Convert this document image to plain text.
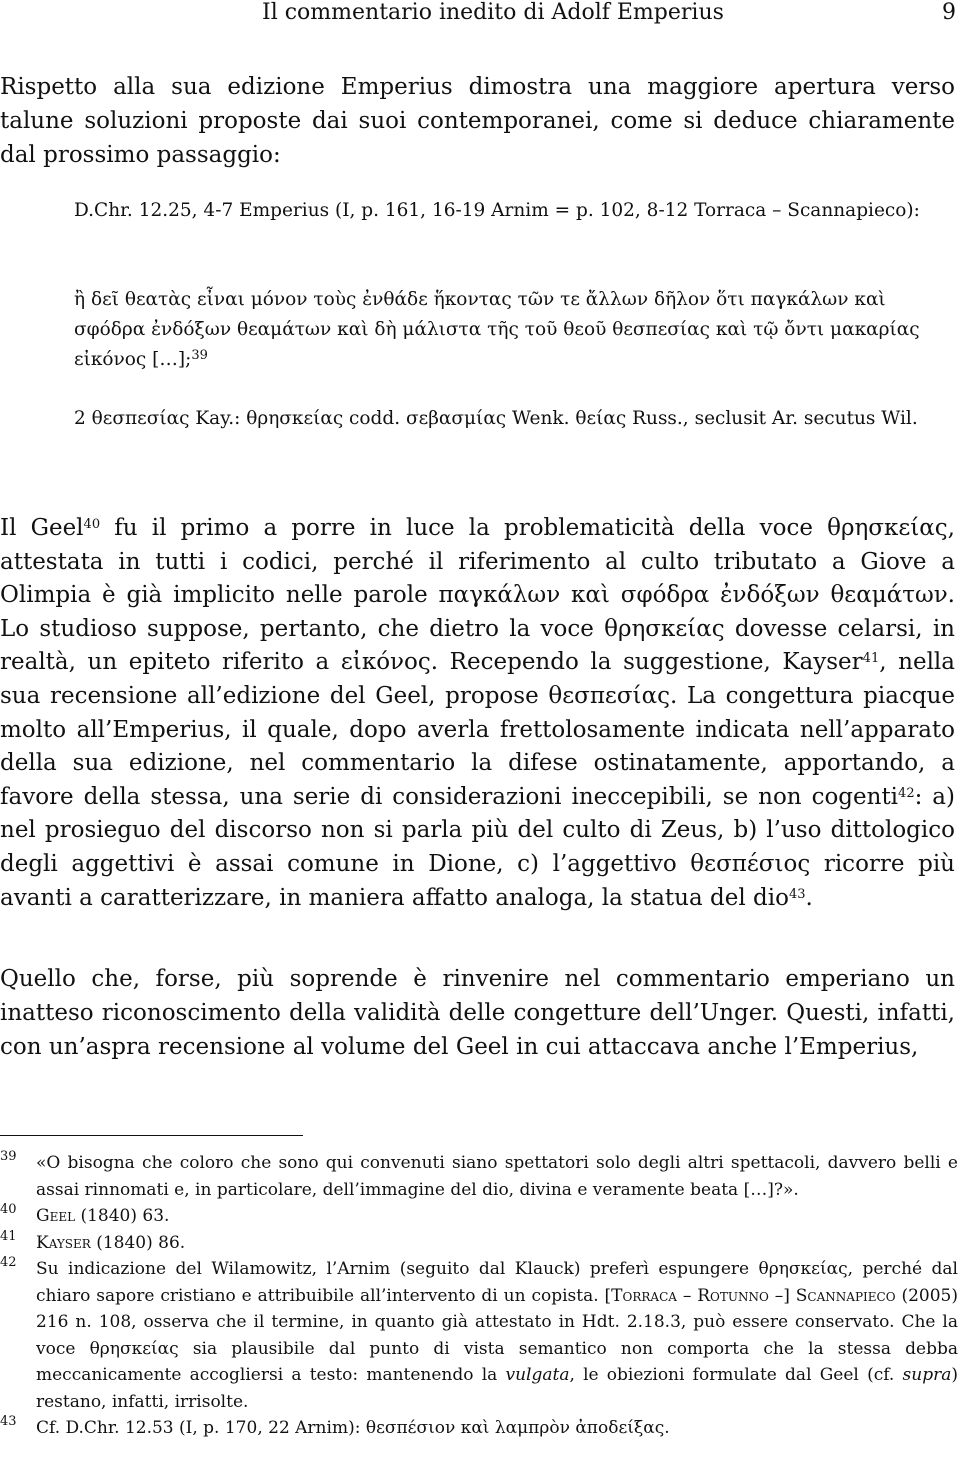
Il commentario inedito di Adolf Emperius	9

Rispetto alla sua edizione Emperius dimostra una maggiore apertura verso talune soluzioni proposte dai suoi contemporanei, come si deduce chiaramente dal prossimo passaggio:

D.Chr. 12.25, 4-7 Emperius (I, p. 161, 16-19 Arnim = p. 102, 8-12 Torraca – Scannapieco):

ἢ δεῖ θεατὰς εἶναι μόνον τοὺς ἐνθάδε ἥκοντας τῶν τε ἄλλων δῆλον ὅτι παγκάλων καὶ σφόδρα ἐνδόξων θεαμάτων καὶ δὴ μάλιστα τῆς τοῦ θεοῦ θεσπεσίας καὶ τῷ ὄντι μακαρίας εἰκόνος […];$^{39}$

2 θεσπεσίας Kay.: θρησκείας codd. σεβασμίας Wenk. θείας Russ., seclusit Ar. secutus Wil.

Il Geel$^{40}$ fu il primo a porre in luce la problematicità della voce θρησκείας, attestata in tutti i codici, perché il riferimento al culto tributato a Giove a Olimpia è già implicito nelle parole παγκάλων καὶ σφόδρα ἐνδόξων θεαμάτων. Lo studioso suppose, pertanto, che dietro la voce θρησκείας dovesse celarsi, in realtà, un epiteto riferito a εἰκόνος. Recependo la suggestione, Kayser$^{41}$, nella sua recensione all’edizione del Geel, propose θεσπεσίας. La congettura piacque molto all’Emperius, il quale, dopo averla frettolosamente indicata nell’apparato della sua edizione, nel commentario la difese ostinatamente, apportando, a favore della stessa, una serie di considerazioni ineccepibili, se non cogenti$^{42}$: a) nel prosieguo del discorso non si parla più del culto di Zeus, b) l’uso dittologico degli aggettivi è assai comune in Dione, c) l’aggettivo θεσπέσιος ricorre più avanti a caratterizzare, in maniera affatto analoga, la statua del dio$^{43}$.

Quello che, forse, più soprende è rinvenire nel commentario emperiano un inatteso riconoscimento della validità delle congetture dell’Unger. Questi, infatti, con un’aspra recensione al volume del Geel in cui attaccava anche l’Emperius,

39 «O bisogna che coloro che sono qui convenuti siano spettatori solo degli altri spettacoli, davvero belli e assai rinnomati e, in particolare, dell’immagine del dio, divina e veramente beata […]?».

40 Geel (1840) 63.

41 Kayser (1840) 86.

42 Su indicazione del Wilamowitz, l’Arnim (seguito dal Klauck) preferì espungere θρησκείας, perché dal chiaro sapore cristiano e attribuibile all’intervento di un copista. [Torraca – Rotunno –] Scannapieco (2005) 216 n. 108, osserva che il termine, in quanto già attestato in Hdt. 2.18.3, può essere conservato. Che la voce θρησκείας sia plausibile dal punto di vista semantico non comporta che la stessa debba meccanicamente accogliersi a testo: mantenendo la vulgata, le obiezioni formulate dal Geel (cf. supra) restano, infatti, irrisolte.

43 Cf. D.Chr. 12.53 (I, p. 170, 22 Arnim): θεσπέσιον καὶ λαμπρὸν ἀποδείξας.
